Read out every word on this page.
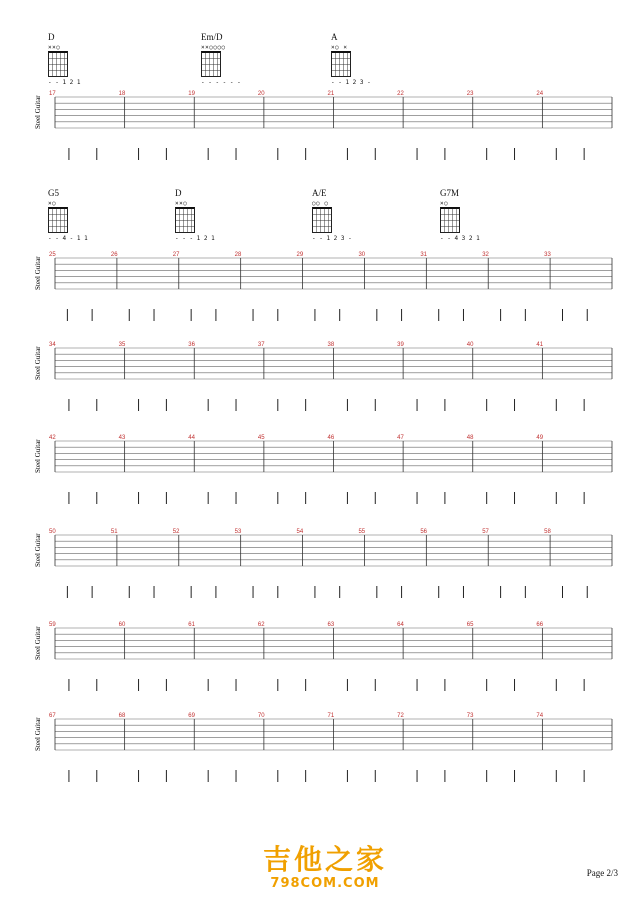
D
××○
- - 1 2 1
Em/D
××○○○○
- - - - - -
A
×○ ×
- - 1 2 3 -
G5
×○
- - 4 - 1 1
D
××○
- - - 1 2 1
A/E
○○ ○
- - 1 2 3 -
G7M
×○
- - 4 3 2 1
Steel Guitar
17	18	19	20	21	22	23	24
Steel Guitar
25	26	27	28	29	30	31	32	33
Steel Guitar
34	35	36	37	38	39	40	41
Steel Guitar
42	43	44	45	46	47	48	49
Steel Guitar
50	51	52	53	54	55	56	57	58
Steel Guitar
59	60	61	62	63	64	65	66
Steel Guitar
67	68	69	70	71	72	73	74
吉他之家
798COM.COM
Page 2/3
